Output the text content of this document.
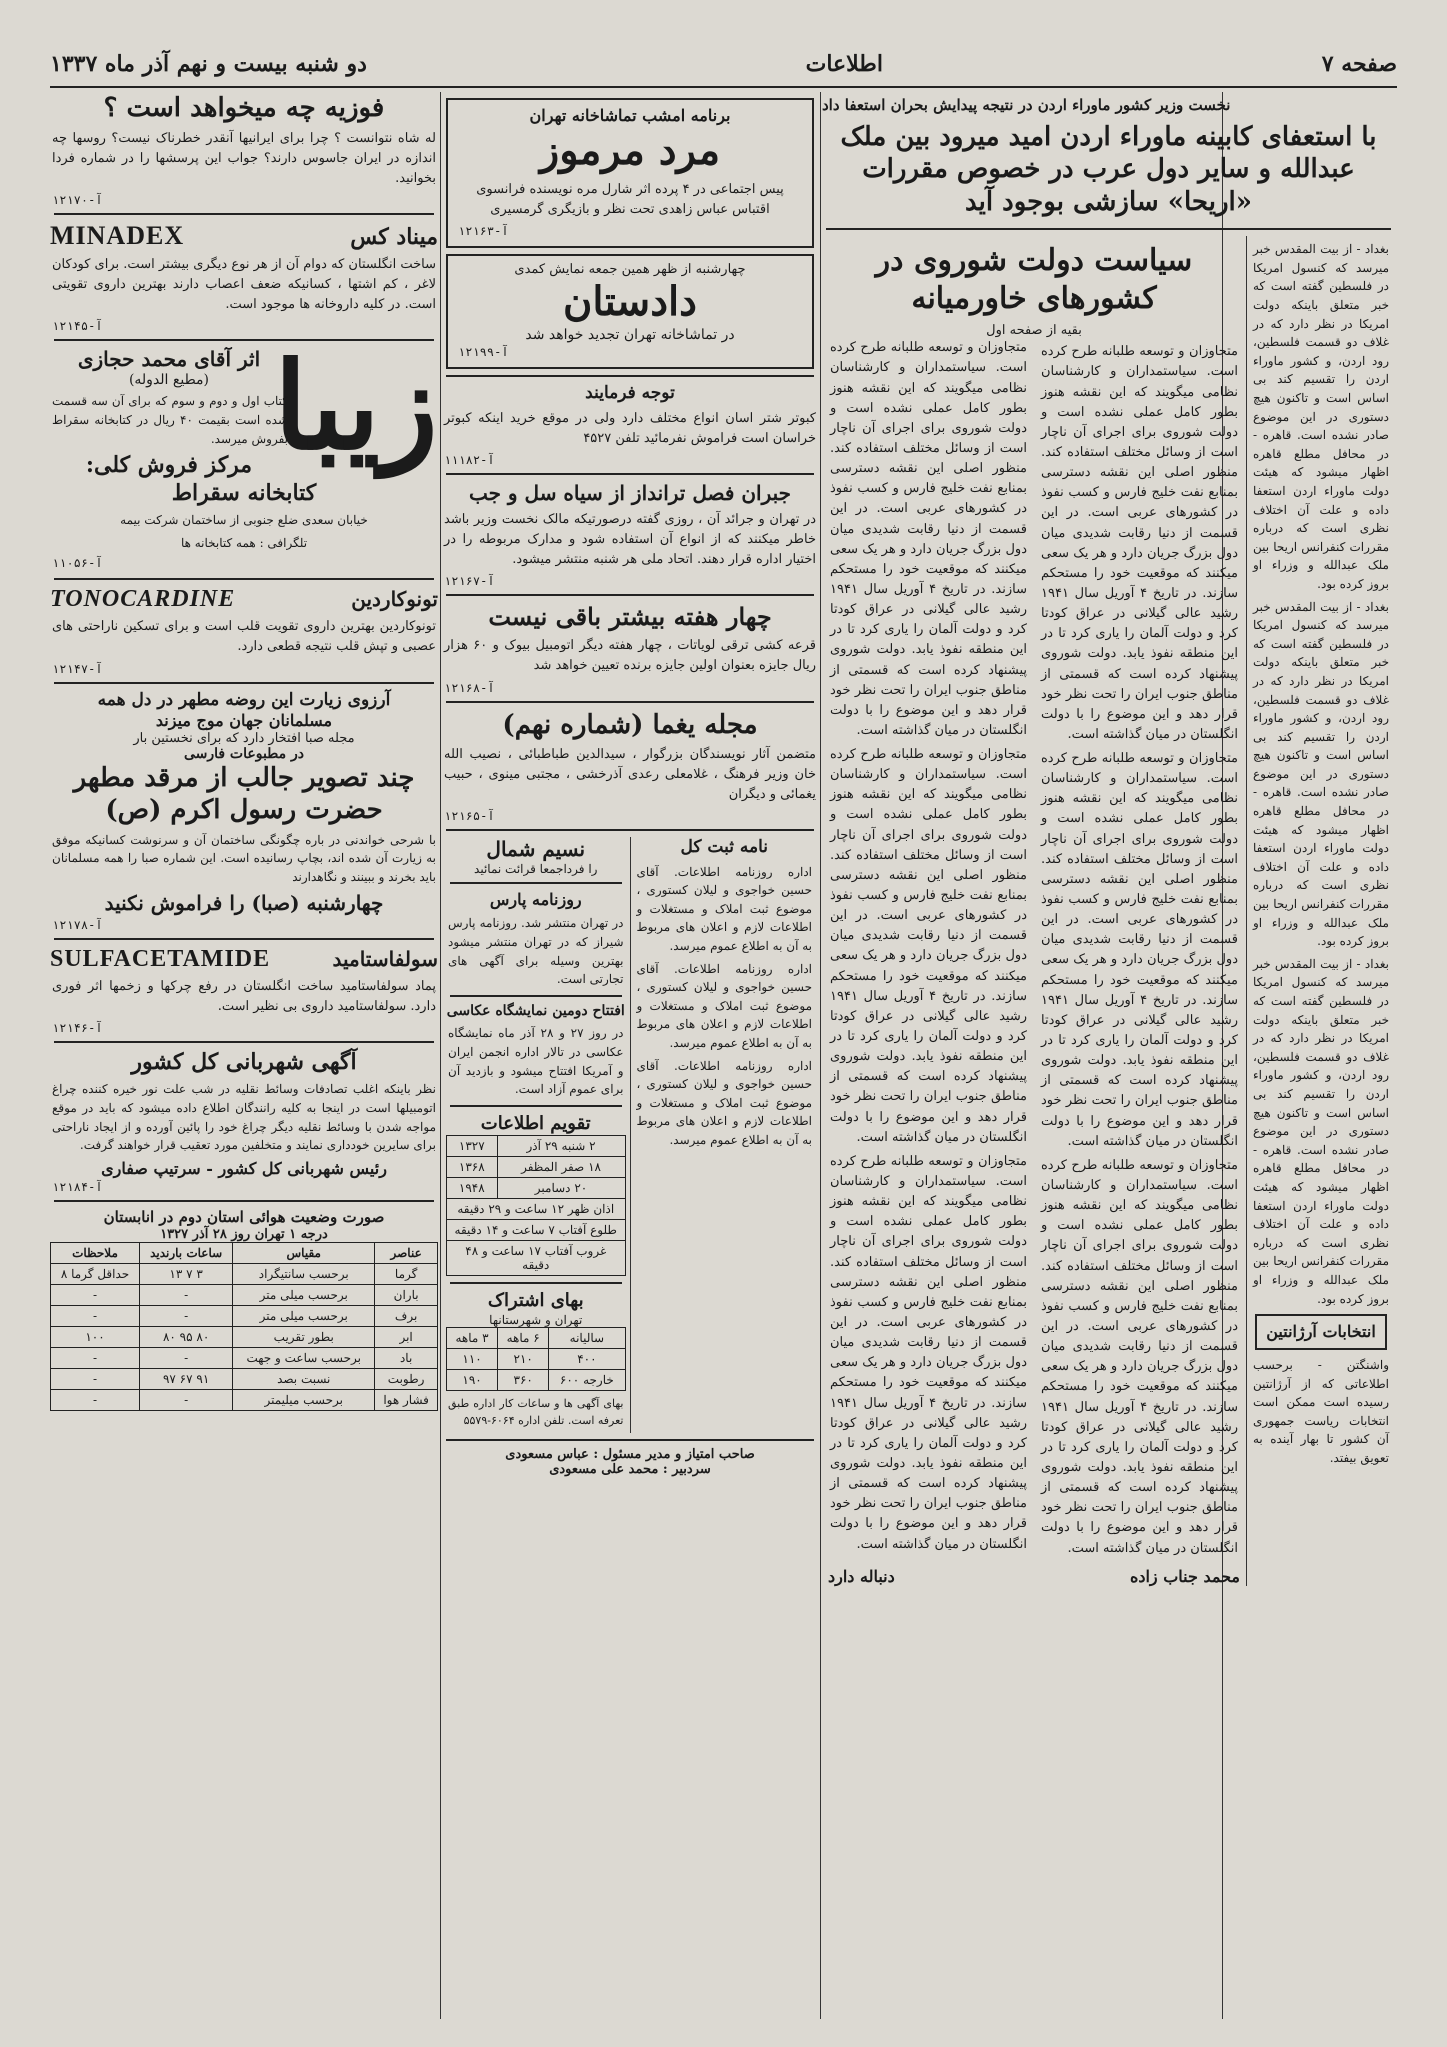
صفحه ۷
اطلاعات
دو شنبه بیست و نهم آذر ماه ۱۳۳۷
نخست وزیر کشور ماوراء اردن در نتیجه پیدایش بحران استعفا داد
با استعفای کابینه ماوراء اردن امید میرود بین ملک عبدالله و سایر دول عرب در خصوص مقررات «اریحا» سازشی بوجود آید
بغداد - از بیت المقدس خبر میرسد که کنسول امریکا در فلسطین گفته است که خبر متعلق باینکه دولت امریکا در نظر دارد که در غلاف دو قسمت فلسطین، رود اردن، و کشور ماوراء اردن را تقسیم کند بی اساس است و تاکنون هیچ دستوری در این موضوع صادر نشده است. قاهره - در محافل مطلع قاهره اظهار میشود که هیئت دولت ماوراء اردن استعفا داده و علت آن اختلاف نظری است که درباره مقررات کنفرانس اریحا بین ملک عبدالله و وزراء او بروز کرده بود.
بغداد - از بیت المقدس خبر میرسد که کنسول امریکا در فلسطین گفته است که خبر متعلق باینکه دولت امریکا در نظر دارد که در غلاف دو قسمت فلسطین، رود اردن، و کشور ماوراء اردن را تقسیم کند بی اساس است و تاکنون هیچ دستوری در این موضوع صادر نشده است. قاهره - در محافل مطلع قاهره اظهار میشود که هیئت دولت ماوراء اردن استعفا داده و علت آن اختلاف نظری است که درباره مقررات کنفرانس اریحا بین ملک عبدالله و وزراء او بروز کرده بود.
بغداد - از بیت المقدس خبر میرسد که کنسول امریکا در فلسطین گفته است که خبر متعلق باینکه دولت امریکا در نظر دارد که در غلاف دو قسمت فلسطین، رود اردن، و کشور ماوراء اردن را تقسیم کند بی اساس است و تاکنون هیچ دستوری در این موضوع صادر نشده است. قاهره - در محافل مطلع قاهره اظهار میشود که هیئت دولت ماوراء اردن استعفا داده و علت آن اختلاف نظری است که درباره مقررات کنفرانس اریحا بین ملک عبدالله و وزراء او بروز کرده بود.
انتخابات آرژانتین
واشنگتن - برحسب اطلاعاتی که از آرژانتین رسیده است ممکن است انتخابات ریاست جمهوری آن کشور تا بهار آینده به تعویق بیفتد.
سیاست دولت شوروی در کشورهای خاورمیانه
بقیه از صفحه اول
متجاوزان و توسعه طلبانه طرح کرده است. سیاستمداران و کارشناسان نظامی میگویند که این نقشه هنوز بطور کامل عملی نشده است و دولت شوروی برای اجرای آن ناچار است از وسائل مختلف استفاده کند. منظور اصلی این نقشه دسترسی بمنابع نفت خلیج فارس و کسب نفوذ در کشورهای عربی است. در این قسمت از دنیا رقابت شدیدی میان دول بزرگ جریان دارد و هر یک سعی میکنند که موقعیت خود را مستحکم سازند. در تاریخ ۴ آوریل سال ۱۹۴۱ رشید عالی گیلانی در عراق کودتا کرد و دولت آلمان را یاری کرد تا در این منطقه نفوذ یابد. دولت شوروی پیشنهاد کرده است که قسمتی از مناطق جنوب ایران را تحت نظر خود قرار دهد و این موضوع را با دولت انگلستان در میان گذاشته است.
متجاوزان و توسعه طلبانه طرح کرده است. سیاستمداران و کارشناسان نظامی میگویند که این نقشه هنوز بطور کامل عملی نشده است و دولت شوروی برای اجرای آن ناچار است از وسائل مختلف استفاده کند. منظور اصلی این نقشه دسترسی بمنابع نفت خلیج فارس و کسب نفوذ در کشورهای عربی است. در این قسمت از دنیا رقابت شدیدی میان دول بزرگ جریان دارد و هر یک سعی میکنند که موقعیت خود را مستحکم سازند. در تاریخ ۴ آوریل سال ۱۹۴۱ رشید عالی گیلانی در عراق کودتا کرد و دولت آلمان را یاری کرد تا در این منطقه نفوذ یابد. دولت شوروی پیشنهاد کرده است که قسمتی از مناطق جنوب ایران را تحت نظر خود قرار دهد و این موضوع را با دولت انگلستان در میان گذاشته است.
متجاوزان و توسعه طلبانه طرح کرده است. سیاستمداران و کارشناسان نظامی میگویند که این نقشه هنوز بطور کامل عملی نشده است و دولت شوروی برای اجرای آن ناچار است از وسائل مختلف استفاده کند. منظور اصلی این نقشه دسترسی بمنابع نفت خلیج فارس و کسب نفوذ در کشورهای عربی است. در این قسمت از دنیا رقابت شدیدی میان دول بزرگ جریان دارد و هر یک سعی میکنند که موقعیت خود را مستحکم سازند. در تاریخ ۴ آوریل سال ۱۹۴۱ رشید عالی گیلانی در عراق کودتا کرد و دولت آلمان را یاری کرد تا در این منطقه نفوذ یابد. دولت شوروی پیشنهاد کرده است که قسمتی از مناطق جنوب ایران را تحت نظر خود قرار دهد و این موضوع را با دولت انگلستان در میان گذاشته است.
متجاوزان و توسعه طلبانه طرح کرده است. سیاستمداران و کارشناسان نظامی میگویند که این نقشه هنوز بطور کامل عملی نشده است و دولت شوروی برای اجرای آن ناچار است از وسائل مختلف استفاده کند. منظور اصلی این نقشه دسترسی بمنابع نفت خلیج فارس و کسب نفوذ در کشورهای عربی است. در این قسمت از دنیا رقابت شدیدی میان دول بزرگ جریان دارد و هر یک سعی میکنند که موقعیت خود را مستحکم سازند. در تاریخ ۴ آوریل سال ۱۹۴۱ رشید عالی گیلانی در عراق کودتا کرد و دولت آلمان را یاری کرد تا در این منطقه نفوذ یابد. دولت شوروی پیشنهاد کرده است که قسمتی از مناطق جنوب ایران را تحت نظر خود قرار دهد و این موضوع را با دولت انگلستان در میان گذاشته است.
متجاوزان و توسعه طلبانه طرح کرده است. سیاستمداران و کارشناسان نظامی میگویند که این نقشه هنوز بطور کامل عملی نشده است و دولت شوروی برای اجرای آن ناچار است از وسائل مختلف استفاده کند. منظور اصلی این نقشه دسترسی بمنابع نفت خلیج فارس و کسب نفوذ در کشورهای عربی است. در این قسمت از دنیا رقابت شدیدی میان دول بزرگ جریان دارد و هر یک سعی میکنند که موقعیت خود را مستحکم سازند. در تاریخ ۴ آوریل سال ۱۹۴۱ رشید عالی گیلانی در عراق کودتا کرد و دولت آلمان را یاری کرد تا در این منطقه نفوذ یابد. دولت شوروی پیشنهاد کرده است که قسمتی از مناطق جنوب ایران را تحت نظر خود قرار دهد و این موضوع را با دولت انگلستان در میان گذاشته است.
متجاوزان و توسعه طلبانه طرح کرده است. سیاستمداران و کارشناسان نظامی میگویند که این نقشه هنوز بطور کامل عملی نشده است و دولت شوروی برای اجرای آن ناچار است از وسائل مختلف استفاده کند. منظور اصلی این نقشه دسترسی بمنابع نفت خلیج فارس و کسب نفوذ در کشورهای عربی است. در این قسمت از دنیا رقابت شدیدی میان دول بزرگ جریان دارد و هر یک سعی میکنند که موقعیت خود را مستحکم سازند. در تاریخ ۴ آوریل سال ۱۹۴۱ رشید عالی گیلانی در عراق کودتا کرد و دولت آلمان را یاری کرد تا در این منطقه نفوذ یابد. دولت شوروی پیشنهاد کرده است که قسمتی از مناطق جنوب ایران را تحت نظر خود قرار دهد و این موضوع را با دولت انگلستان در میان گذاشته است.
محمد جناب زاده
دنباله دارد
برنامه امشب تماشاخانه تهران
مرد مرموز
پیس اجتماعی در ۴ پرده اثر شارل مره نویسنده فرانسوی اقتباس عباس زاهدی تحت نظر و بازیگری گرمسیری
۱۲۱۶۳-آ
چهارشنبه از ظهر همین جمعه نمایش کمدی
دادستان
در تماشاخانه تهران تجدید خواهد شد
۱۲۱۹۹-آ
توجه فرمایند
کبوتر شتر اسان انواع مختلف دارد ولی در موقع خرید اینکه کبوتر خراسان است فراموش نفرمائید تلفن ۴۵۲۷
۱۱۱۸۲-آ
جبران فصل ترانداز از سیاه سل و جب
در تهران و جرائد آن ، روزی گفته درصورتیکه مالک نخست وزیر باشد خاطر میکنند که از انواع آن استفاده شود و مدارک مربوطه را در اختیار اداره قرار دهند. اتحاد ملی هر شنبه منتشر میشود.
۱۲۱۶۷-آ
چهار هفته بیشتر باقی نیست
قرعه کشی ترقی لویاتات ، چهار هفته دیگر اتومبیل بیوک و ۶۰ هزار ریال جایزه بعنوان اولین جایزه برنده تعیین خواهد شد
۱۲۱۶۸-آ
مجله یغما (شماره نهم)
متضمن آثار نویسندگان بزرگوار ، سیدالدین طباطبائی ، نصیب الله خان وزیر فرهنگ ، غلامعلی رعدی آذرخشی ، مجتبی مینوی ، حبیب یغمائی و دیگران
۱۲۱۶۵-آ
نامه ثبت کل
اداره روزنامه اطلاعات. آقای حسین خواجوی و لیلان کستوری ، موضوع ثبت املاک و مستغلات و اطلاعات لازم و اعلان های مربوط به آن به اطلاع عموم میرسد.
اداره روزنامه اطلاعات. آقای حسین خواجوی و لیلان کستوری ، موضوع ثبت املاک و مستغلات و اطلاعات لازم و اعلان های مربوط به آن به اطلاع عموم میرسد.
اداره روزنامه اطلاعات. آقای حسین خواجوی و لیلان کستوری ، موضوع ثبت املاک و مستغلات و اطلاعات لازم و اعلان های مربوط به آن به اطلاع عموم میرسد.
نسیم شمال
را فرداجمعا قرائت نمائید
روزنامه پارس
در تهران منتشر شد. روزنامه پارس شیراز که در تهران منتشر میشود بهترین وسیله برای آگهی های تجارتی است.
افتتاح دومین نمایشگاه عکاسی
در روز ۲۷ و ۲۸ آذر ماه نمایشگاه عکاسی در تالار اداره انجمن ایران و آمریکا افتتاح میشود و بازدید آن برای عموم آزاد است.
تقویم اطلاعات
۲ شنبه ۲۹ آذر	۱۳۲۷
۱۸ صفر المظفر	۱۳۶۸
۲۰ دسامبر	۱۹۴۸
اذان ظهر ۱۲ ساعت و ۲۹ دقیقه	
طلوع آفتاب ۷ ساعت و ۱۴ دقیقه	
غروب آفتاب ۱۷ ساعت و ۴۸ دقیقه	
بهای اشتراک
تهران و شهرستانها
سالیانه	۶ ماهه	۳ ماهه
۴۰۰	۲۱۰	۱۱۰
خارجه ۶۰۰	۳۶۰	۱۹۰
بهای آگهی ها و ساعات کار اداره طبق تعرفه است. تلفن اداره ۶۰۶۴-۵۵۷۹
صاحب امتیاز و مدیر مسئول : عباس مسعودی
سردبیر : محمد علی مسعودی
فوزیه چه میخواهد است ؟
له شاه نتوانست ؟ چرا برای ایرانیها آنقدر خطرناک نیست؟ روسها چه اندازه در ایران جاسوس دارند؟ جواب این پرسشها را در شماره فردا بخوانید.
۱۲۱۷۰-آ
MINADEX	میناد کس
ساخت انگلستان که دوام آن از هر نوع دیگری بیشتر است. برای کودکان لاغر ، کم اشتها ، کسانیکه ضعف اعصاب دارند بهترین داروی تقویتی است. در کلیه داروخانه ها موجود است.
۱۲۱۴۵-آ
زیبا
اثر آقای محمد حجازی
(مطیع الدوله)
کتاب اول و دوم و سوم که برای آن سه قسمت شده است بقیمت ۴۰ ریال در کتابخانه سقراط بفروش میرسد.
مرکز فروش کلی:
کتابخانه سقراط
خیابان سعدی ضلع جنوبی از ساختمان شرکت بیمه
تلگرافی : همه کتابخانه ها
۱۱۰۵۶-آ
TONOCARDINE	تونوکاردین
تونوکاردین بهترین داروی تقویت قلب است و برای تسکین ناراحتی های عصبی و تپش قلب نتیجه قطعی دارد.
۱۲۱۴۷-آ
آرزوی زیارت این روضه مطهر در دل همه
مسلمانان جهان موج میزند
مجله صبا افتخار دارد که برای نخستین بار
در مطبوعات فارسی
چند تصویر جالب از مرقد مطهر
حضرت رسول اکرم (ص)
با شرحی خواندنی در باره چگونگی ساختمان آن و سرنوشت کسانیکه موفق به زیارت آن شده اند، بچاپ رسانیده است. این شماره صبا را همه مسلمانان باید بخرند و ببینند و نگاهدارند
چهارشنبه (صبا) را فراموش نکنید
۱۲۱۷۸-آ
SULFACETAMIDE	سولفاستامید
پماد سولفاستامید ساخت انگلستان در رفع چرکها و زخمها اثر فوری دارد. سولفاستامید داروی بی نظیر است.
۱۲۱۴۶-آ
آگهی شهربانی کل کشور
نظر باینکه اغلب تصادفات وسائط نقلیه در شب علت نور خیره کننده چراغ اتومبیلها است در اینجا به کلیه رانندگان اطلاع داده میشود که باید در موقع مواجه شدن با وسائط نقلیه دیگر چراغ خود را پائین آورده و از ایجاد ناراحتی برای سایرین خودداری نمایند و متخلفین مورد تعقیب قرار خواهند گرفت.
رئیس شهربانی کل کشور - سرتیپ صفاری
۱۲۱۸۴-آ
صورت وضعیت هوائی استان دوم در انابستان
درجه ۱ تهران روز ۲۸ آذر ۱۳۲۷
عناصر	مقیاس	ساعات بارندید	ملاحظات
گرما	برحسب سانتیگراد	۳ ۷ ۱۳	حداقل گرما ۸
باران	برحسب میلی متر	-	-
برف	برحسب میلی متر	-	-
ابر	بطور تقریب	۸۰ ۹۵ ۸۰	۱۰۰
باد	برحسب ساعت و جهت	-	-
رطوبت	نسبت بصد	۹۱ ۶۷ ۹۷	-
فشار هوا	برحسب میلیمتر	-	-
